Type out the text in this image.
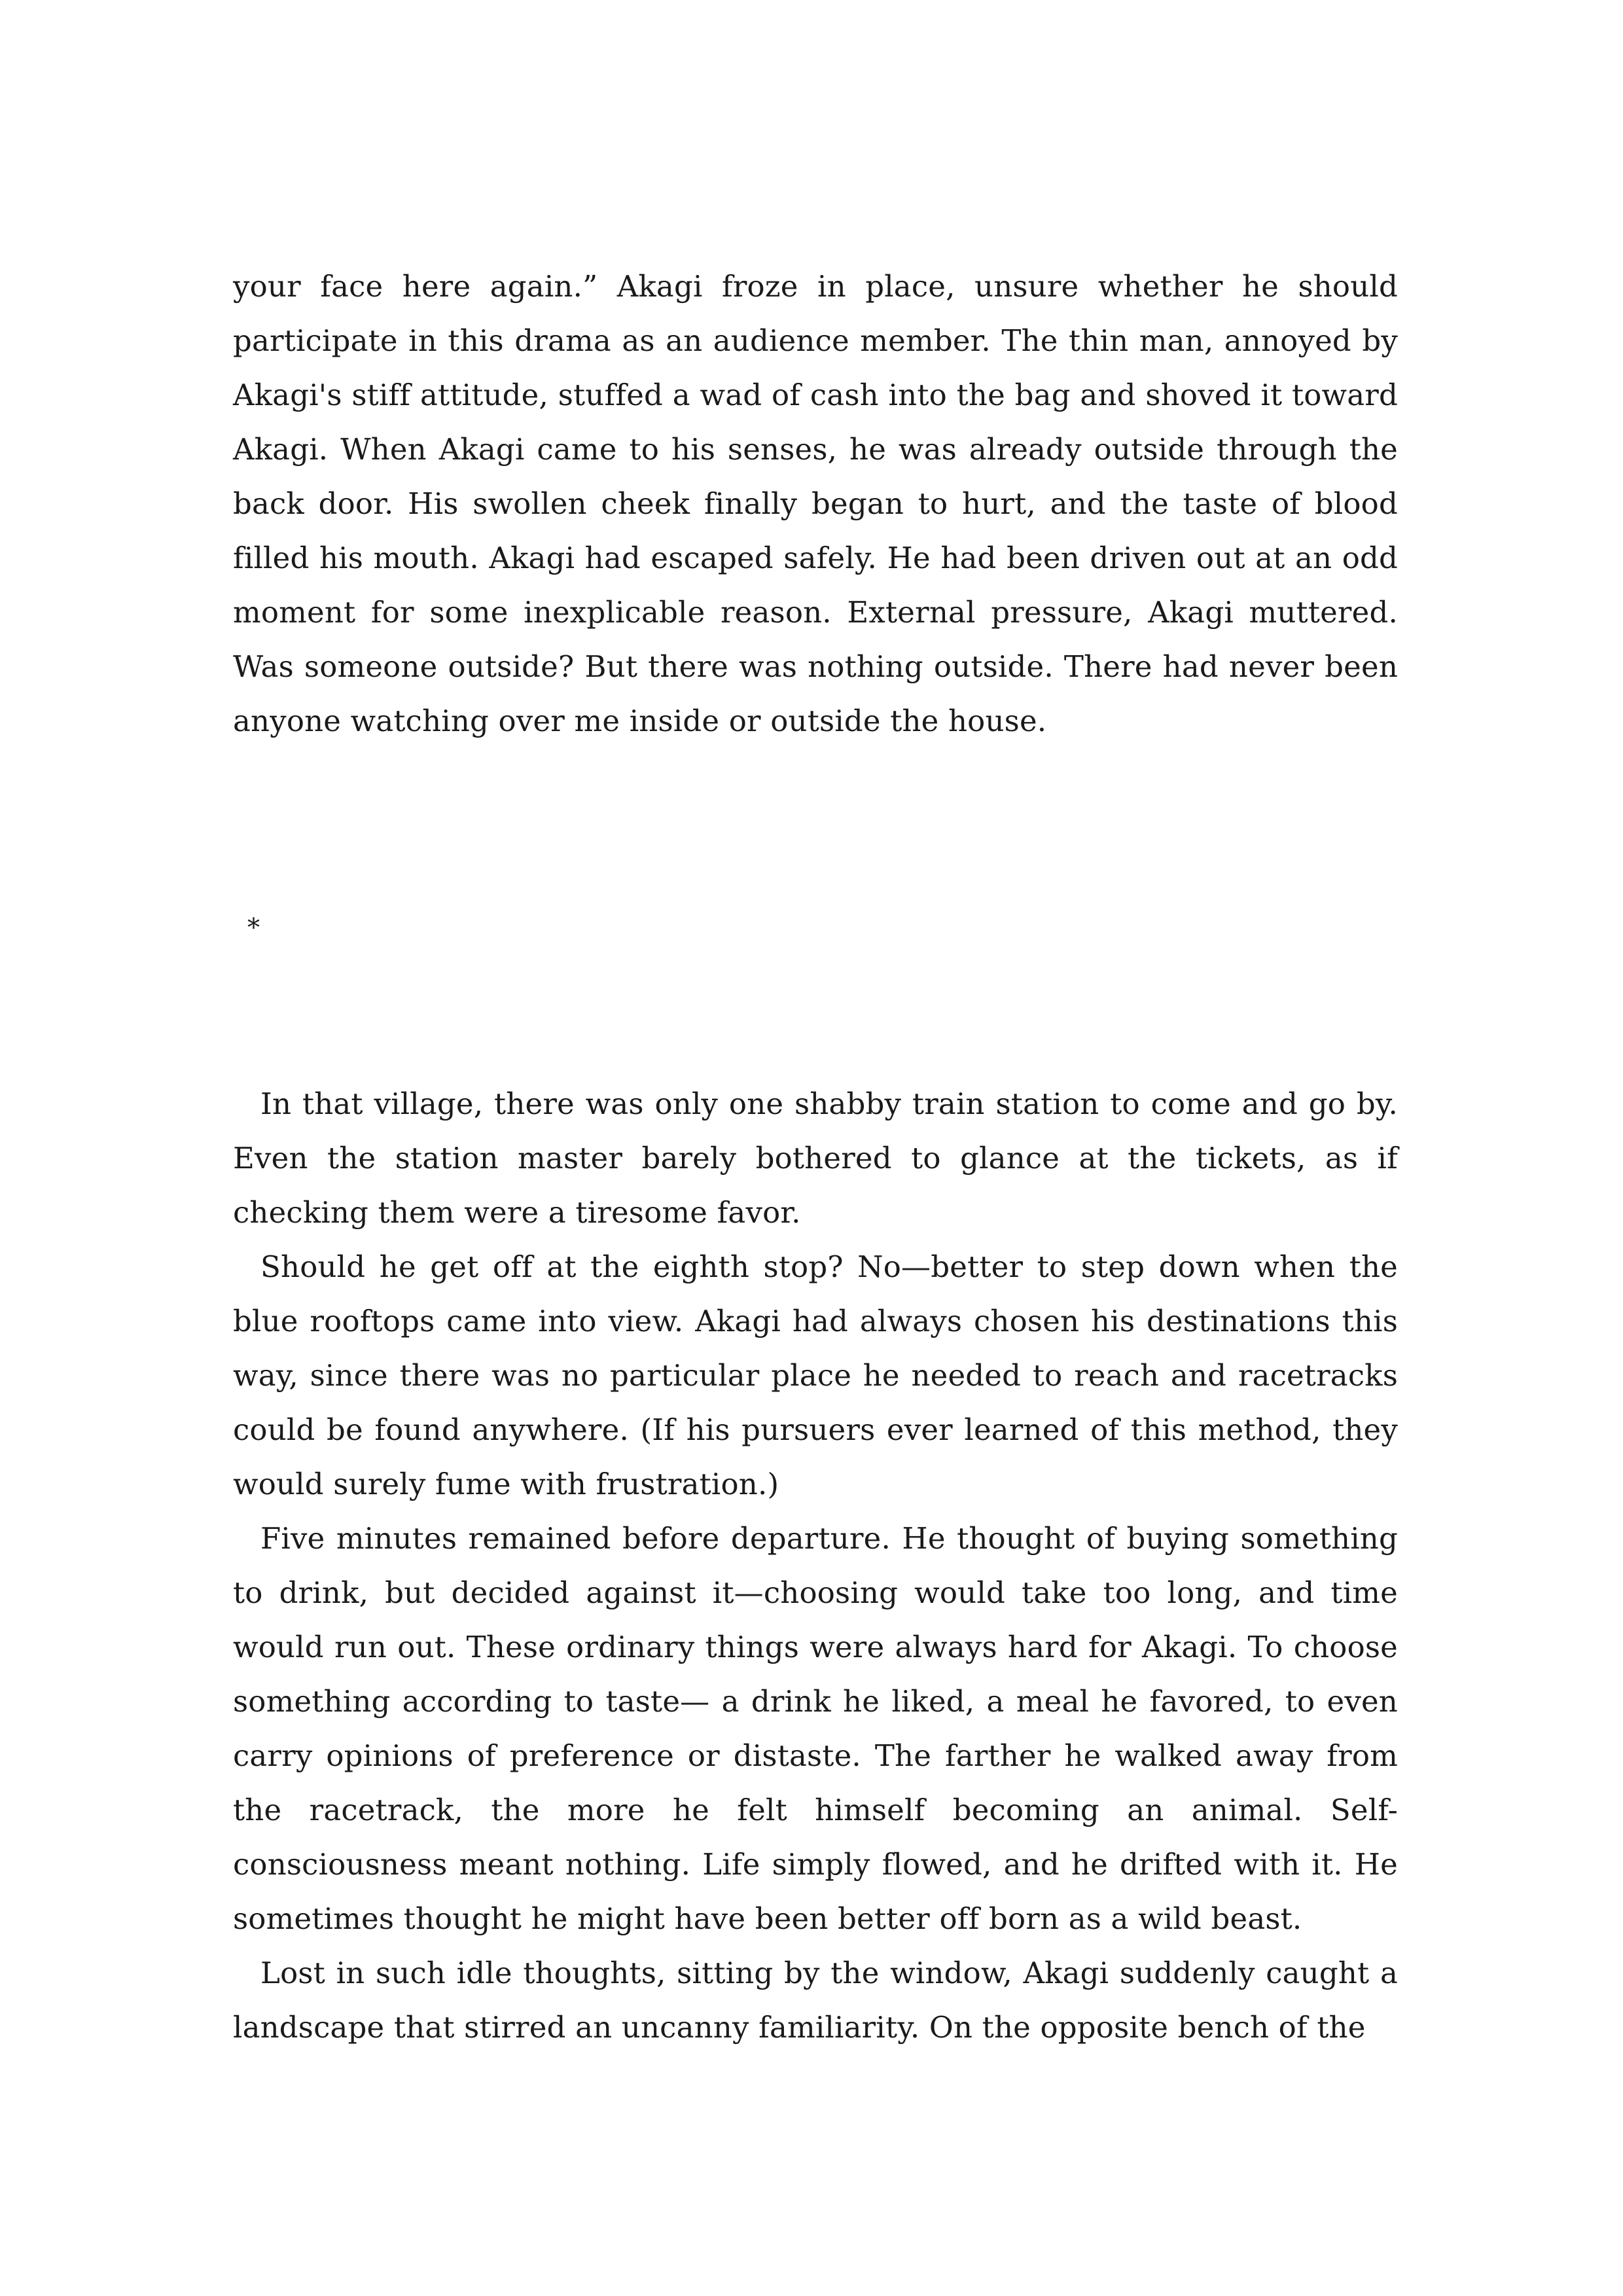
your face here again.” Akagi froze in place, unsure whether he should participate in this drama as an audience member. The thin man, annoyed by Akagi's stiff attitude, stuffed a wad of cash into the bag and shoved it toward Akagi. When Akagi came to his senses, he was already outside through the back door. His swollen cheek finally began to hurt, and the taste of blood filled his mouth. Akagi had escaped safely. He had been driven out at an odd moment for some inexplicable reason. External pressure, Akagi muttered. Was someone outside? But there was nothing outside. There had never been anyone watching over me inside or outside the house.

*

In that village, there was only one shabby train station to come and go by. Even the station master barely bothered to glance at the tickets, as if checking them were a tiresome favor.

Should he get off at the eighth stop? No—better to step down when the blue rooftops came into view. Akagi had always chosen his destinations this way, since there was no particular place he needed to reach and racetracks could be found anywhere. (If his pursuers ever learned of this method, they would surely fume with frustration.)

Five minutes remained before departure. He thought of buying something to drink, but decided against it—choosing would take too long, and time would run out. These ordinary things were always hard for Akagi. To choose something according to taste— a drink he liked, a meal he favored, to even carry opinions of preference or distaste. The farther he walked away from the racetrack, the more he felt himself becoming an animal. Self-consciousness meant nothing. Life simply flowed, and he drifted with it. He sometimes thought he might have been better off born as a wild beast.

Lost in such idle thoughts, sitting by the window, Akagi suddenly caught a landscape that stirred an uncanny familiarity. On the opposite bench of the
